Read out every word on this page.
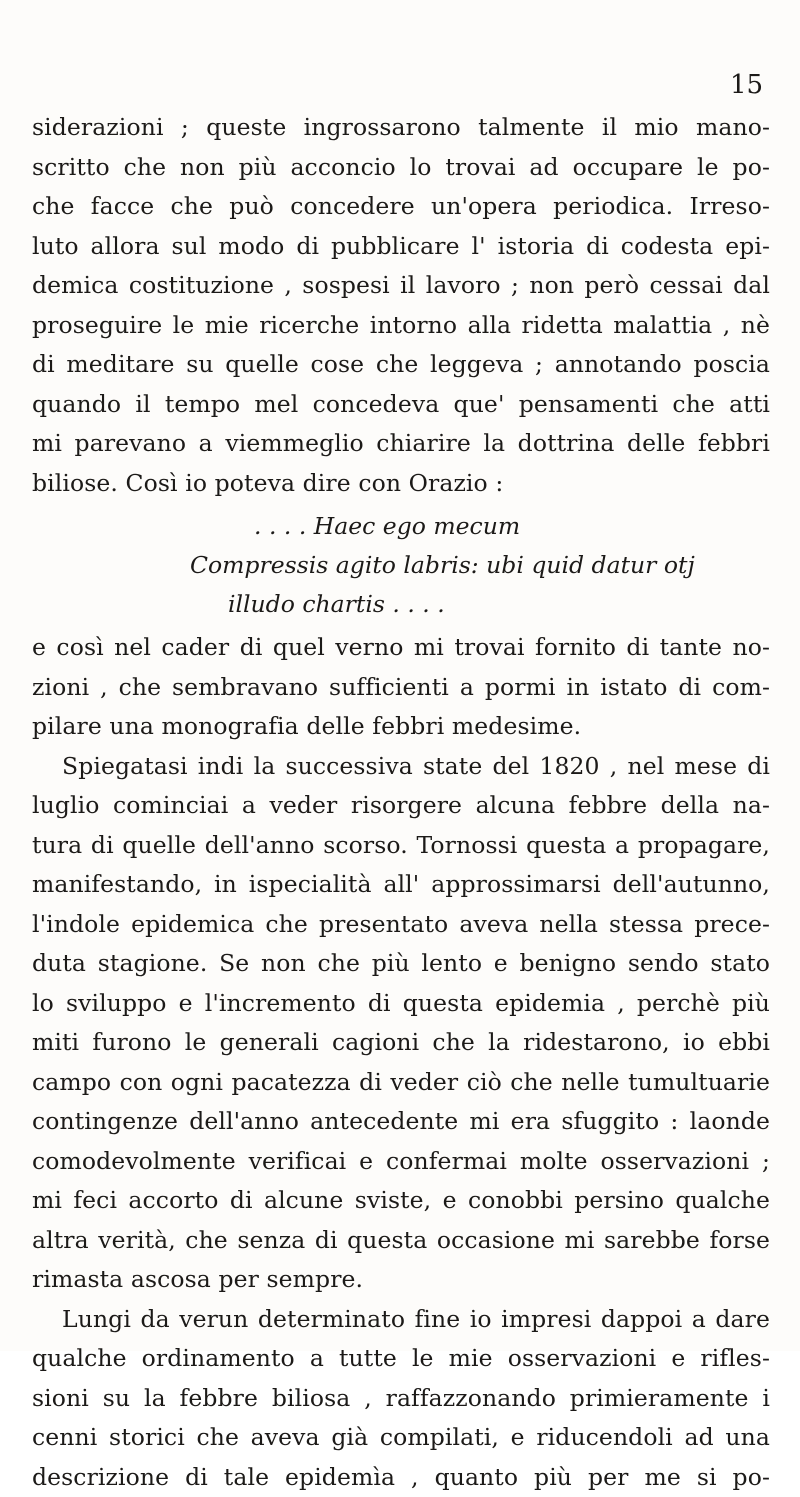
15
siderazioni ; queste ingrossarono talmente il mio mano-
scritto che non più acconcio lo trovai ad occupare le po-
che facce che può concedere un'opera periodica. Irreso-
luto allora sul modo di pubblicare l' istoria di codesta epi-
demica costituzione , sospesi il lavoro ; non però cessai dal
proseguire le mie ricerche intorno alla ridetta malattia , nè
di meditare su quelle cose che leggeva ; annotando poscia
quando il tempo mel concedeva que' pensamenti che atti
mi parevano a viemmeglio chiarire la dottrina delle febbri
biliose. Così io poteva dire con Orazio :
. . . . Haec ego mecum
Compressis agito labris: ubi quid datur otj
illudo chartis . . . .
e così nel cader di quel verno mi trovai fornito di tante no-
zioni , che sembravano sufficienti a pormi in istato di com-
pilare una monografia delle febbri medesime.
Spiegatasi indi la successiva state del 1820 , nel mese di
luglio cominciai a veder risorgere alcuna febbre della na-
tura di quelle dell'anno scorso. Tornossi questa a propagare,
manifestando, in ispecialità all' approssimarsi dell'autunno,
l'indole epidemica che presentato aveva nella stessa prece-
duta stagione. Se non che più lento e benigno sendo stato
lo sviluppo e l'incremento di questa epidemia , perchè più
miti furono le generali cagioni che la ridestarono, io ebbi
campo con ogni pacatezza di veder ciò che nelle tumultuarie
contingenze dell'anno antecedente mi era sfuggito : laonde
comodevolmente verificai e confermai molte osservazioni ;
mi feci accorto di alcune sviste, e conobbi persino qualche
altra verità, che senza di questa occasione mi sarebbe forse
rimasta ascosa per sempre.
Lungi da verun determinato fine io impresi dappoi a dare
qualche ordinamento a tutte le mie osservazioni e rifles-
sioni su la febbre biliosa , raffazzonando primieramente i
cenni storici che aveva già compilati, e riducendoli ad una
descrizione di tale epidemìa , quanto più per me si po-
